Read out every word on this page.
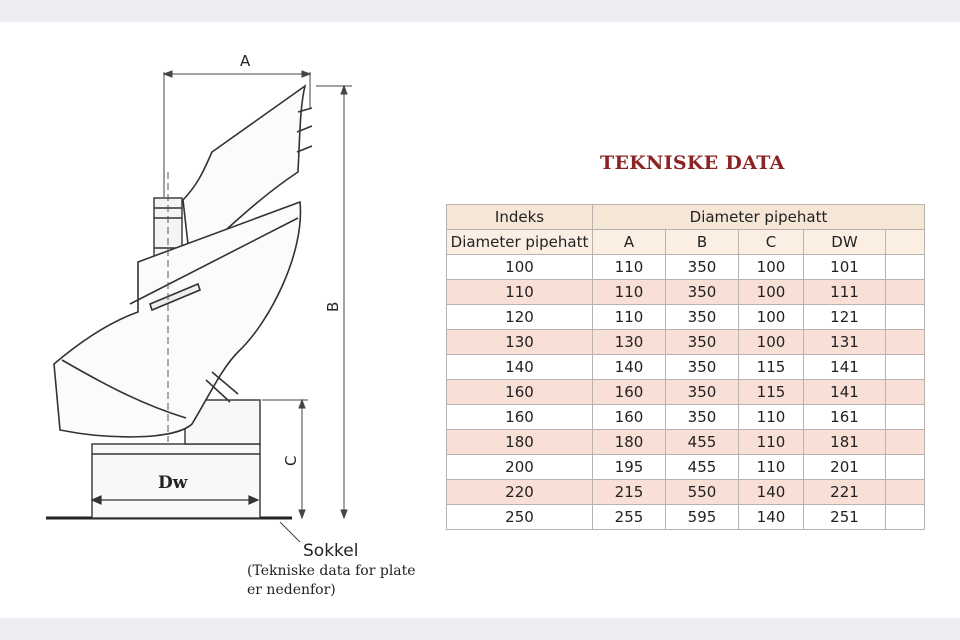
Dw
A
B
C
Sokkel
(Tekniske data for plate
er nedenfor)
TEKNISKE DATA
Indeks	Diameter pipehatt				
Diameter pipehatt	A	B	C	DW	
100	110	350	100	101	
110	110	350	100	111	
120	110	350	100	121	
130	130	350	100	131	
140	140	350	115	141	
160	160	350	115	141	
160	160	350	110	161	
180	180	455	110	181	
200	195	455	110	201	
220	215	550	140	221	
250	255	595	140	251	
